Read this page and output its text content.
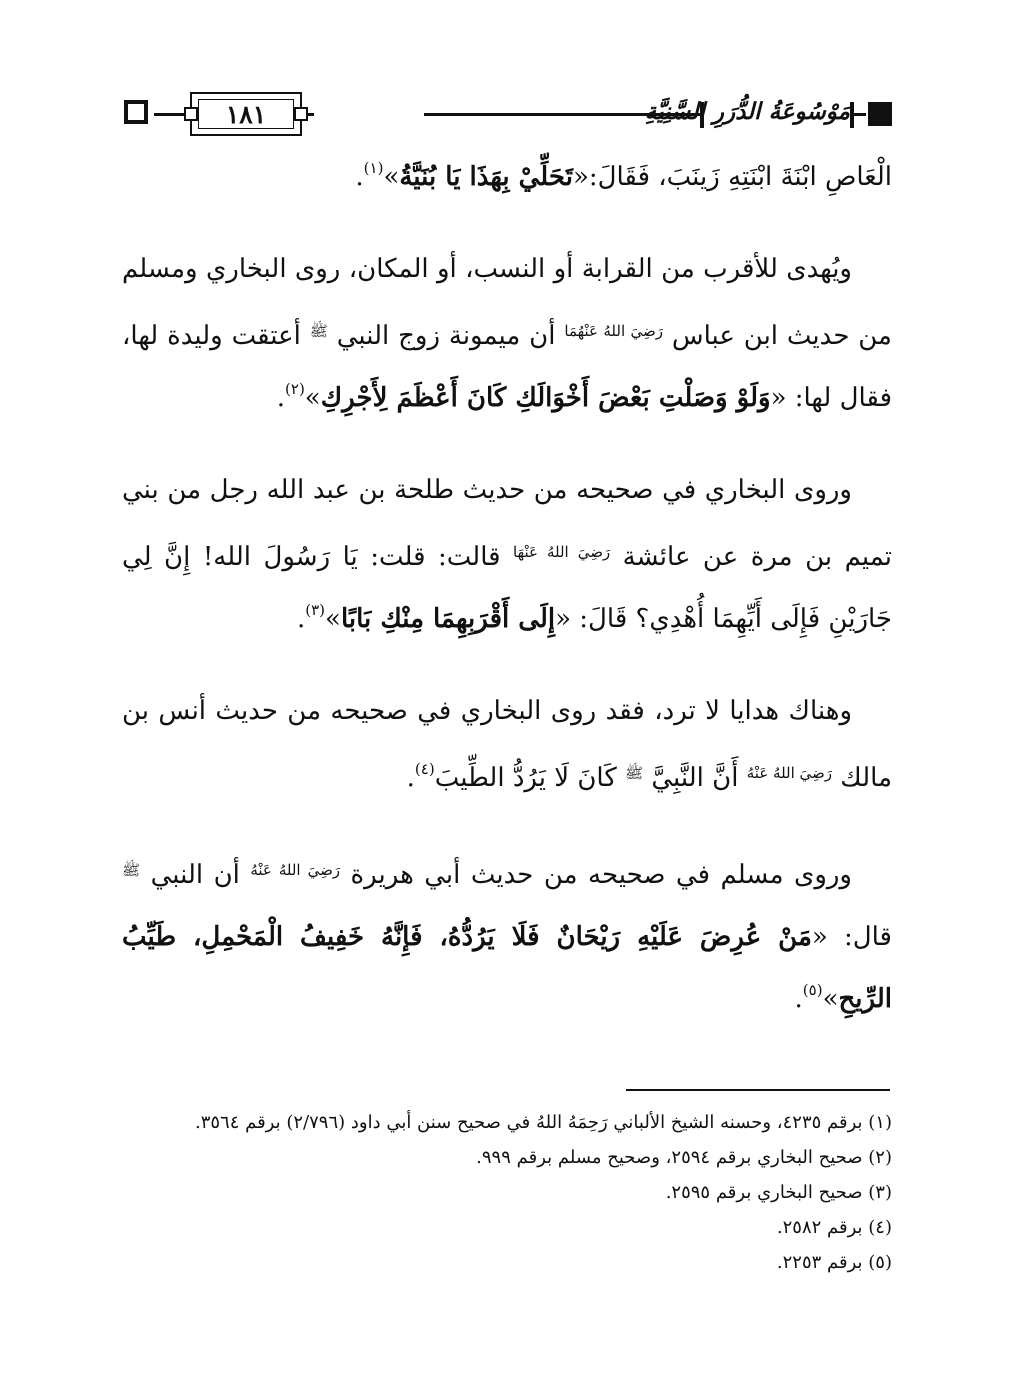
١٨١	مَوْسُوعَةُ الدُّرَرِ السَّنِيَّةِ

الْعَاصِ ابْنَةَ ابْنَتِهِ زَينَبَ، فَقَالَ:«تَحَلِّيْ بِهَذَا يَا بُنَيَّةُ»$^{(١)}$.

ويُهدى للأقرب من القرابة أو النسب، أو المكان، روى البخاري ومسلم من حديث ابن عباس $^{رَضِيَ اللهُ عَنْهُمَا}$ أن ميمونة زوج النبي $^ﷺ$ أعتقت وليدة لها، فقال لها: «وَلَوْ وَصَلْتِ بَعْضَ أَخْوَالَكِ كَانَ أَعْظَمَ لِأَجْرِكِ»$^{(٢)}$.

وروى البخاري في صحيحه من حديث طلحة بن عبد الله رجل من بني تميم بن مرة عن عائشة $^{رَضِيَ اللهُ عَنْهَا}$ قالت: قلت: يَا رَسُولَ الله! إِنَّ لِي جَارَيْنِ فَإِلَى أَيِّهِمَا أُهْدِي؟ قَالَ: «إِلَى أَقْرَبِهِمَا مِنْكِ بَابًا»$^{(٣)}$.

وهناك هدايا لا ترد، فقد روى البخاري في صحيحه من حديث أنس بن مالك $^{رَضِيَ اللهُ عَنْهُ}$ أَنَّ النَّبِيَّ $^ﷺ$ كَانَ لَا يَرُدُّ الطِّيبَ$^{(٤)}$.

وروى مسلم في صحيحه من حديث أبي هريرة $^{رَضِيَ اللهُ عَنْهُ}$ أن النبي $^ﷺ$ قال: «مَنْ عُرِضَ عَلَيْهِ رَيْحَانٌ فَلَا يَرُدُّهُ، فَإِنَّهُ خَفِيفُ الْمَحْمِلِ، طَيِّبُ الرِّيحِ»$^{(٥)}$.

(١) برقم ٤٢٣٥، وحسنه الشيخ الألباني رَحِمَهُ اللهُ في صحيح سنن أبي داود (٢/٧٩٦) برقم ٣٥٦٤.

(٢) صحيح البخاري برقم ٢٥٩٤، وصحيح مسلم برقم ٩٩٩.

(٣) صحيح البخاري برقم ٢٥٩٥.

(٤) برقم ٢٥٨٢.

(٥) برقم ٢٢٥٣.
